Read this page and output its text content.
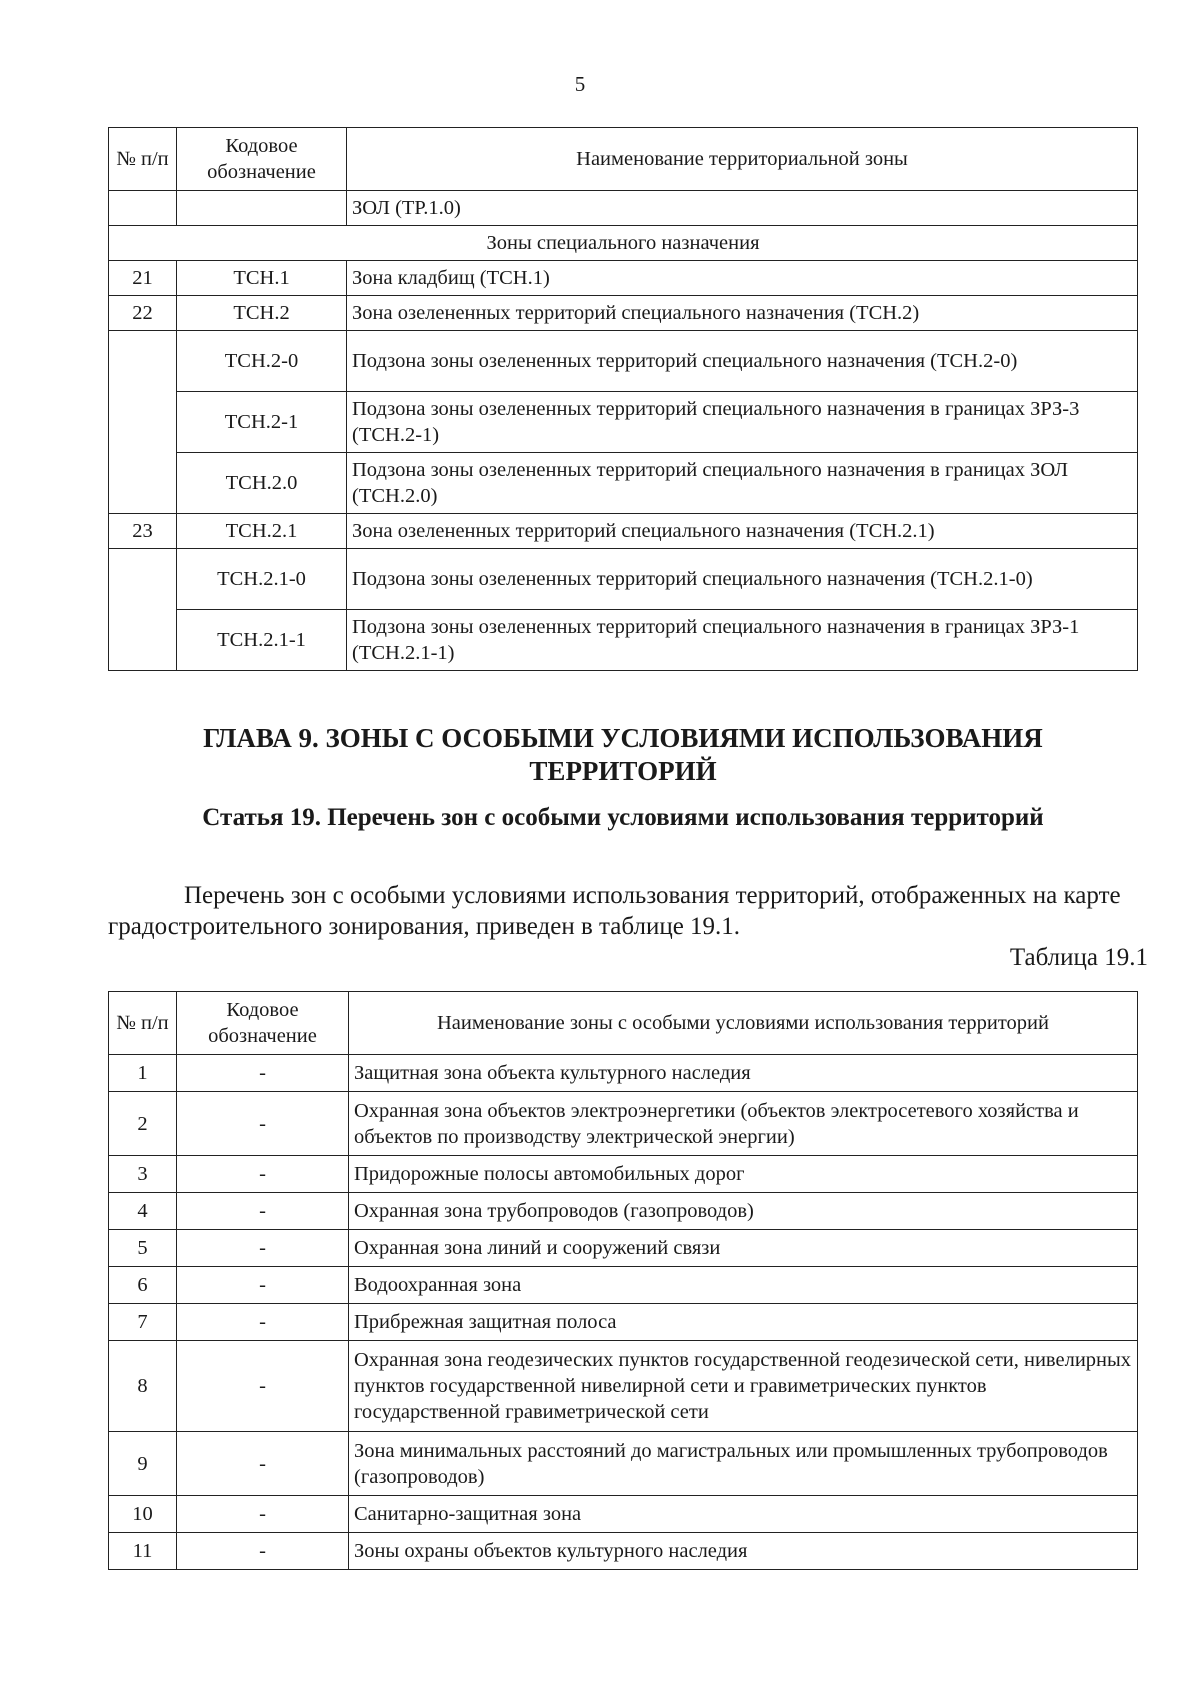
5
№ п/п	Кодовое обозначение	Наименование территориальной зоны
		ЗОЛ (ТР.1.0)
Зоны специального назначения		
21	ТСН.1	Зона кладбищ (ТСН.1)
22	ТСН.2	Зона озелененных территорий специального назначения (ТСН.2)
	ТСН.2-0	Подзона зоны озелененных территорий специального назначения (ТСН.2-0)
	ТСН.2-1	Подзона зоны озелененных территорий специального назначения в границах ЗРЗ-3 (ТСН.2-1)
	ТСН.2.0	Подзона зоны озелененных территорий специального назначения в границах ЗОЛ (ТСН.2.0)
23	ТСН.2.1	Зона озелененных территорий специального назначения (ТСН.2.1)
	ТСН.2.1-0	Подзона зоны озелененных территорий специального назначения (ТСН.2.1-0)
	ТСН.2.1-1	Подзона зоны озелененных территорий специального назначения в границах ЗРЗ-1 (ТСН.2.1-1)
ГЛАВА 9. ЗОНЫ С ОСОБЫМИ УСЛОВИЯМИ ИСПОЛЬЗОВАНИЯ ТЕРРИТОРИЙ
Статья 19. Перечень зон с особыми условиями использования территорий
Перечень зон с особыми условиями использования территорий, отображенных на карте градостроительного зонирования, приведен в таблице 19.1.
Таблица 19.1
№ п/п	Кодовое обозначение	Наименование зоны с особыми условиями использования территорий
1	-	Защитная зона объекта культурного наследия
2	-	Охранная зона объектов электроэнергетики (объектов электросетевого хозяйства и объектов по производству электрической энергии)
3	-	Придорожные полосы автомобильных дорог
4	-	Охранная зона трубопроводов (газопроводов)
5	-	Охранная зона линий и сооружений связи
6	-	Водоохранная зона
7	-	Прибрежная защитная полоса
8	-	Охранная зона геодезических пунктов государственной геодезической сети, нивелирных пунктов государственной нивелирной сети и гравиметрических пунктов государственной гравиметрической сети
9	-	Зона минимальных расстояний до магистральных или промышленных трубопроводов (газопроводов)
10	-	Санитарно-защитная зона
11	-	Зоны охраны объектов культурного наследия
